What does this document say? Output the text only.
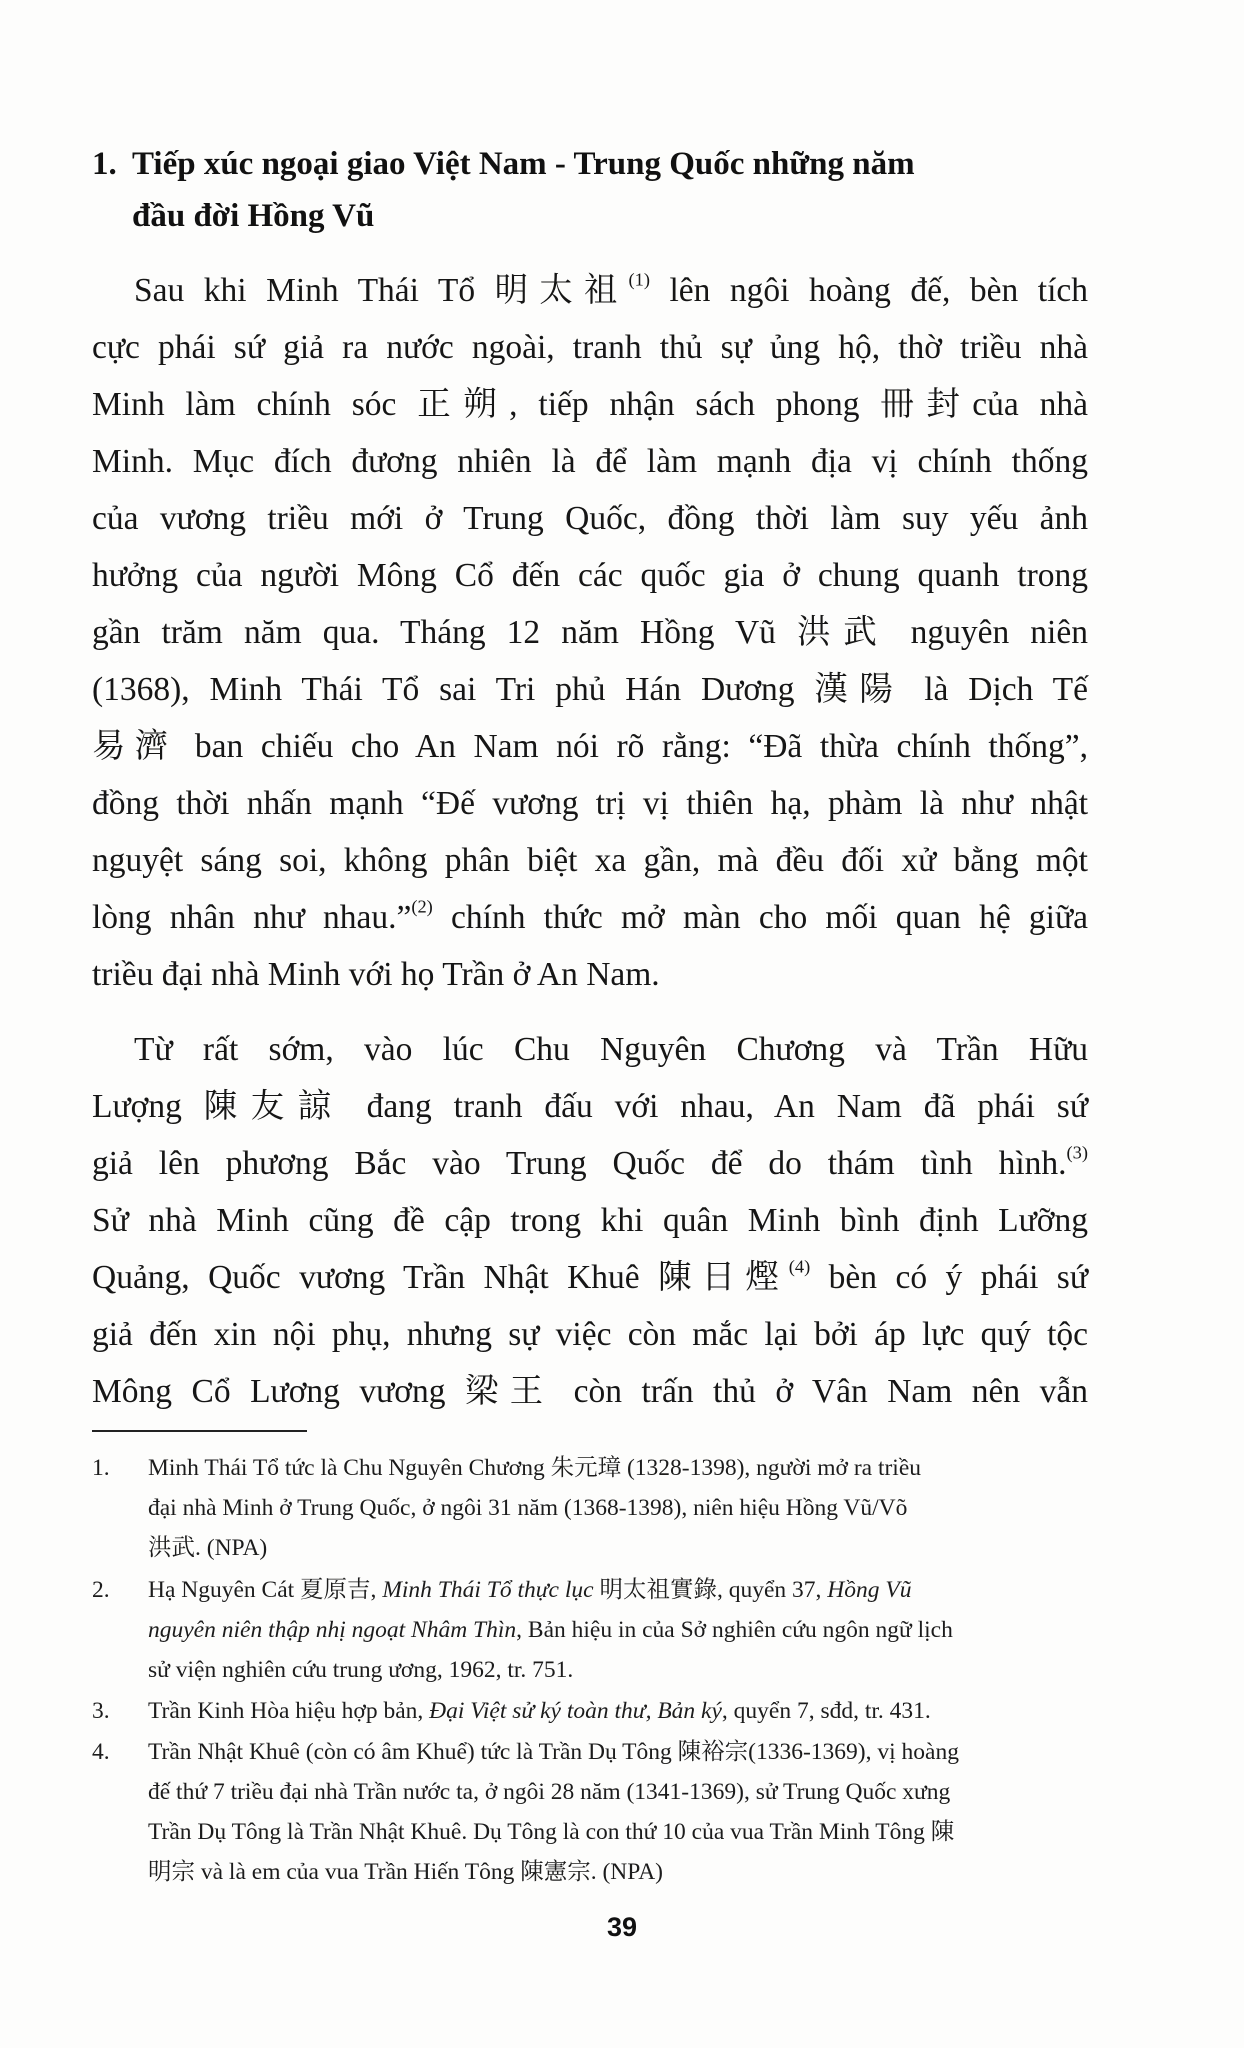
1. Tiếp xúc ngoại giao Việt Nam - Trung Quốc những năm
đầu đời Hồng Vũ
Sau khi Minh Thái Tổ 明太祖$^{(1)}$ lên ngôi hoàng đế, bèn tích
cực phái sứ giả ra nước ngoài, tranh thủ sự ủng hộ, thờ triều nhà
Minh làm chính sóc 正朔, tiếp nhận sách phong 冊封của nhà
Minh. Mục đích đương nhiên là để làm mạnh địa vị chính thống
của vương triều mới ở Trung Quốc, đồng thời làm suy yếu ảnh
hưởng của người Mông Cổ đến các quốc gia ở chung quanh trong
gần trăm năm qua. Tháng 12 năm Hồng Vũ 洪武 nguyên niên
(1368), Minh Thái Tổ sai Tri phủ Hán Dương 漢陽 là Dịch Tế
易濟 ban chiếu cho An Nam nói rõ rằng: “Đã thừa chính thống”,
đồng thời nhấn mạnh “Đế vương trị vị thiên hạ, phàm là như nhật
nguyệt sáng soi, không phân biệt xa gần, mà đều đối xử bằng một
lòng nhân như nhau.”$^{(2)}$ chính thức mở màn cho mối quan hệ giữa
triều đại nhà Minh với họ Trần ở An Nam.
Từ rất sớm, vào lúc Chu Nguyên Chương và Trần Hữu
Lượng 陳友諒 đang tranh đấu với nhau, An Nam đã phái sứ
giả lên phương Bắc vào Trung Quốc để do thám tình hình.$^{(3)}$
Sử nhà Minh cũng đề cập trong khi quân Minh bình định Lưỡng
Quảng, Quốc vương Trần Nhật Khuê 陳日熞$^{(4)}$ bèn có ý phái sứ
giả đến xin nội phụ, nhưng sự việc còn mắc lại bởi áp lực quý tộc
Mông Cổ Lương vương 梁王 còn trấn thủ ở Vân Nam nên vẫn
1. Minh Thái Tổ tức là Chu Nguyên Chương 朱元璋 (1328-1398), người mở ra triều
đại nhà Minh ở Trung Quốc, ở ngôi 31 năm (1368-1398), niên hiệu Hồng Vũ/Võ
洪武. (NPA)
2. Hạ Nguyên Cát 夏原吉, Minh Thái Tổ thực lục 明太祖實錄, quyển 37, Hồng Vũ
nguyên niên thập nhị ngoạt Nhâm Thìn, Bản hiệu in của Sở nghiên cứu ngôn ngữ lịch
sử viện nghiên cứu trung ương, 1962, tr. 751.
3. Trần Kinh Hòa hiệu hợp bản, Đại Việt sử ký toàn thư, Bản ký, quyển 7, sđd, tr. 431.
4. Trần Nhật Khuê (còn có âm Khuể) tức là Trần Dụ Tông 陳裕宗(1336-1369), vị hoàng
đế thứ 7 triều đại nhà Trần nước ta, ở ngôi 28 năm (1341-1369), sử Trung Quốc xưng
Trần Dụ Tông là Trần Nhật Khuê. Dụ Tông là con thứ 10 của vua Trần Minh Tông 陳
明宗 và là em của vua Trần Hiến Tông 陳憲宗. (NPA)
39
